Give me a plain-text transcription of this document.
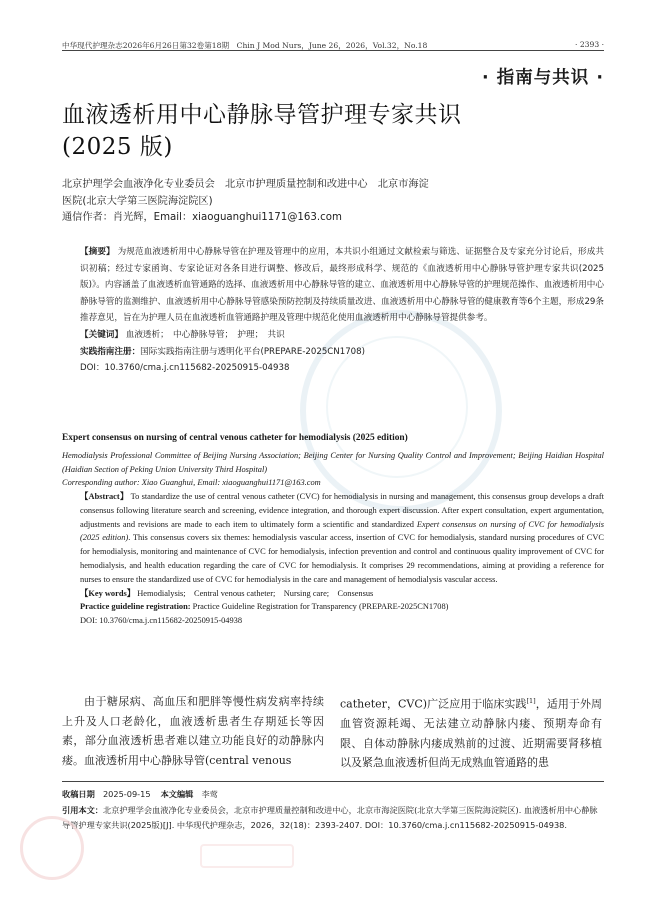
中华现代护理杂志2026年6月26日第32卷第18期　Chin J Mod Nurs，June 26，2026，Vol.32，No.18	· 2393 ·
· 指南与共识 ·
血液透析用中心静脉导管护理专家共识
(2025 版)
北京护理学会血液净化专业委员会　北京市护理质量控制和改进中心　北京市海淀
医院(北京大学第三医院海淀院区)
通信作者：肖光辉，Email：xiaoguanghui1171@163.com

【摘要】 为规范血液透析用中心静脉导管在护理及管理中的应用，本共识小组通过文献检索与筛选、证据整合及专家充分讨论后，形成共识初稿；经过专家函询、专家论证对各条目进行调整、修改后，最终形成科学、规范的《血液透析用中心静脉导管护理专家共识(2025 版)》。内容涵盖了血液透析血管通路的选择、血液透析用中心静脉导管的建立、血液透析用中心静脉导管的护理规范操作、血液透析用中心静脉导管的监测维护、血液透析用中心静脉导管感染预防控制及持续质量改进、血液透析用中心静脉导管的健康教育等6个主题，形成29条推荐意见，旨在为护理人员在血液透析血管通路护理及管理中规范化使用血液透析用中心静脉导管提供参考。

【关键词】 血液透析；　中心静脉导管；　护理；　共识

实践指南注册：国际实践指南注册与透明化平台(PREPARE-2025CN1708)

DOI：10.3760/cma.j.cn115682-20250915-04938

Expert consensus on nursing of central venous catheter for hemodialysis (2025 edition)
Hemodialysis Professional Committee of Beijing Nursing Association; Beijing Center for Nursing Quality Control and Improvement; Beijing Haidian Hospital (Haidian Section of Peking Union University Third Hospital)
Corresponding author: Xiao Guanghui, Email: xiaoguanghui1171@163.com

【Abstract】 To standardize the use of central venous catheter (CVC) for hemodialysis in nursing and management, this consensus group develops a draft consensus following literature search and screening, evidence integration, and thorough expert discussion. After expert consultation, expert argumentation, adjustments and revisions are made to each item to ultimately form a scientific and standardized Expert consensus on nursing of CVC for hemodialysis (2025 edition). This consensus covers six themes: hemodialysis vascular access, insertion of CVC for hemodialysis, standard nursing procedures of CVC for hemodialysis, monitoring and maintenance of CVC for hemodialysis, infection prevention and control and continuous quality improvement of CVC for hemodialysis, and health education regarding the care of CVC for hemodialysis. It comprises 29 recommendations, aiming at providing a reference for nurses to ensure the standardized use of CVC for hemodialysis in the care and management of hemodialysis vascular access.

【Key words】 Hemodialysis;　Central venous catheter;　Nursing care;　Consensus

Practice guideline registration: Practice Guideline Registration for Transparency (PREPARE-2025CN1708)

DOI: 10.3760/cma.j.cn115682-20250915-04938

由于糖尿病、高血压和肥胖等慢性病发病率持续上升及人口老龄化，血液透析患者生存期延长等因素，部分血液透析患者难以建立功能良好的动静脉内瘘。血液透析用中心静脉导管(central venous
catheter，CVC)广泛应用于临床实践[1]，适用于外周血管资源耗竭、无法建立动静脉内瘘、预期寿命有限、自体动静脉内瘘成熟前的过渡、近期需要肾移植以及紧急血液透析但尚无成熟血管通路的患

收稿日期　 2025-09-15 本文编辑　 李莺

引用本文：北京护理学会血液净化专业委员会，北京市护理质量控制和改进中心，北京市海淀医院(北京大学第三医院海淀院区). 血液透析用中心静脉导管护理专家共识(2025版)[J]. 中华现代护理杂志，2026，32(18)：2393-2407. DOI：10.3760/cma.j.cn115682-20250915-04938.
